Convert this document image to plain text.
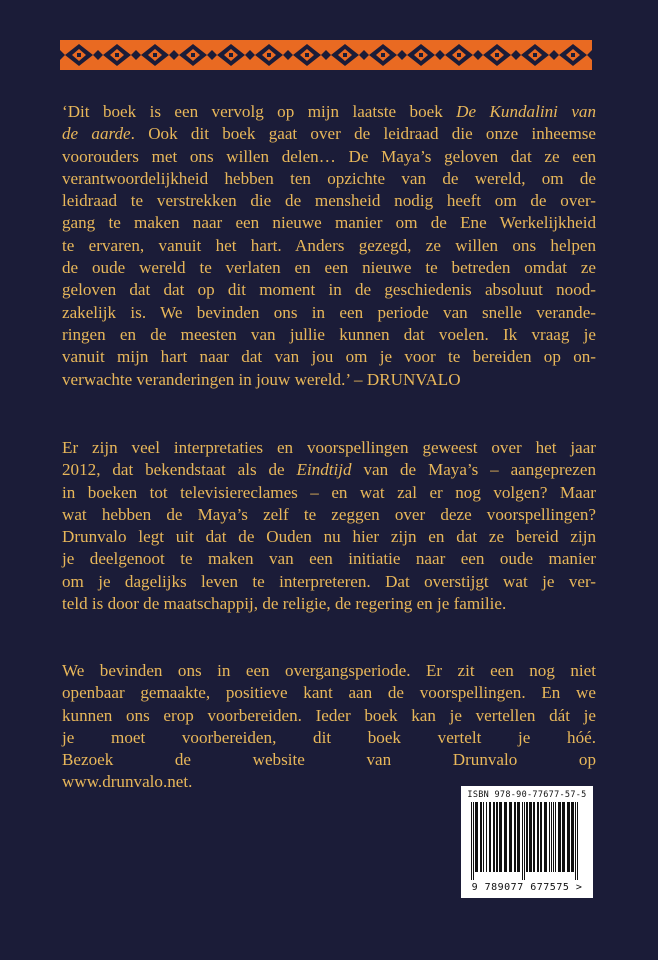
‘Dit boek is een vervolg op mijn laatste boek De Kundalini van
de aarde. Ook dit boek gaat over de leidraad die onze inheemse
voorouders met ons willen delen… De Maya’s geloven dat ze een
verantwoordelijkheid hebben ten opzichte van de wereld, om de
leidraad te verstrekken die de mensheid nodig heeft om de over-
gang te maken naar een nieuwe manier om de Ene Werkelijkheid
te ervaren, vanuit het hart. Anders gezegd, ze willen ons helpen
de oude wereld te verlaten en een nieuwe te betreden omdat ze
geloven dat dat op dit moment in de geschiedenis absoluut nood-
zakelijk is. We bevinden ons in een periode van snelle verande-
ringen en de meesten van jullie kunnen dat voelen. Ik vraag je
vanuit mijn hart naar dat van jou om je voor te bereiden op on-
verwachte veranderingen in jouw wereld.’ – DRUNVALO
Er zijn veel interpretaties en voorspellingen geweest over het jaar
2012, dat bekendstaat als de Eindtijd van de Maya’s – aangeprezen
in boeken tot televisiereclames – en wat zal er nog volgen? Maar
wat hebben de Maya’s zelf te zeggen over deze voorspellingen?
Drunvalo legt uit dat de Ouden nu hier zijn en dat ze bereid zijn
je deelgenoot te maken van een initiatie naar een oude manier
om je dagelijks leven te interpreteren. Dat overstijgt wat je ver-
teld is door de maatschappij, de religie, de regering en je familie.
We bevinden ons in een overgangsperiode. Er zit een nog niet
openbaar gemaakte, positieve kant aan de voorspellingen. En we
kunnen ons erop voorbereiden. Ieder boek kan je vertellen dát je
je moet voorbereiden, dit boek vertelt je hóé.
Bezoek de website van Drunvalo op
www.drunvalo.net.
ISBN 978-90-77677-57-5
9 789077 677575 >
